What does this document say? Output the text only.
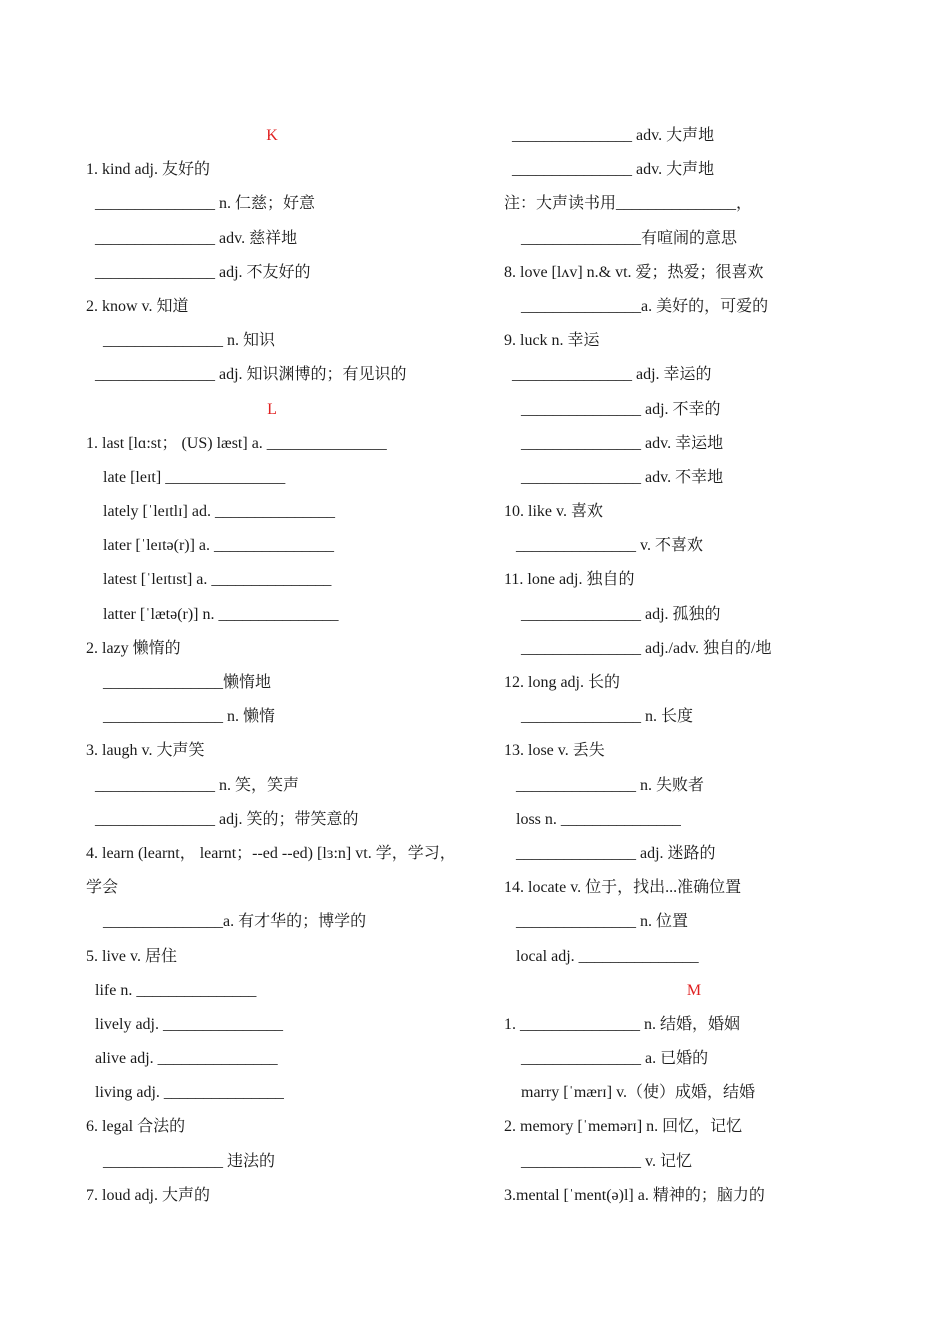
K
1. kind adj. 友好的
_______________ n. 仁慈；好意
_______________ adv. 慈祥地
_______________ adj. 不友好的
2. know v. 知道
_______________ n. 知识
_______________ adj. 知识渊博的；有见识的
L
1. last [lɑ:st； (US) læst] a. _______________
late [leɪt] _______________
lately [ˈleɪtlɪ] ad. _______________
later [ˈleɪtə(r)] a. _______________
latest [ˈleɪtɪst] a. _______________
latter [ˈlætə(r)] n. _______________
2. lazy 懒惰的
_______________懒惰地
_______________ n. 懒惰
3. laugh v. 大声笑
_______________ n. 笑，笑声
_______________ adj. 笑的；带笑意的
4. learn (learnt， learnt；--ed --ed) [lɜ:n] vt. 学，学习，学会
_______________a. 有才华的；博学的
5. live v. 居住
life n. _______________
lively adj. _______________
alive adj. _______________
living adj. _______________
6. legal 合法的
_______________ 违法的
7. loud adj. 大声的
_______________ adv. 大声地
_______________ adv. 大声地
注：大声读书用_______________，
_______________有喧闹的意思
8. love [lʌv] n.& vt. 爱；热爱；很喜欢
_______________a. 美好的，可爱的
9. luck n. 幸运
_______________ adj. 幸运的
_______________ adj. 不幸的
_______________ adv. 幸运地
_______________ adv. 不幸地
10. like v. 喜欢
_______________ v. 不喜欢
11. lone adj. 独自的
_______________ adj. 孤独的
_______________ adj./adv. 独自的/地
12. long adj. 长的
_______________ n. 长度
13. lose v. 丢失
_______________ n. 失败者
loss n. _______________
_______________ adj. 迷路的
14. locate v. 位于，找出...准确位置
_______________ n. 位置
local adj. _______________
M
1. _______________ n. 结婚，婚姻
_______________ a. 已婚的
marry [ˈmærɪ] v.（使）成婚，结婚
2. memory [ˈmemərɪ] n. 回忆，记忆
_______________ v. 记忆
3.mental [ˈment(ə)l] a. 精神的；脑力的
